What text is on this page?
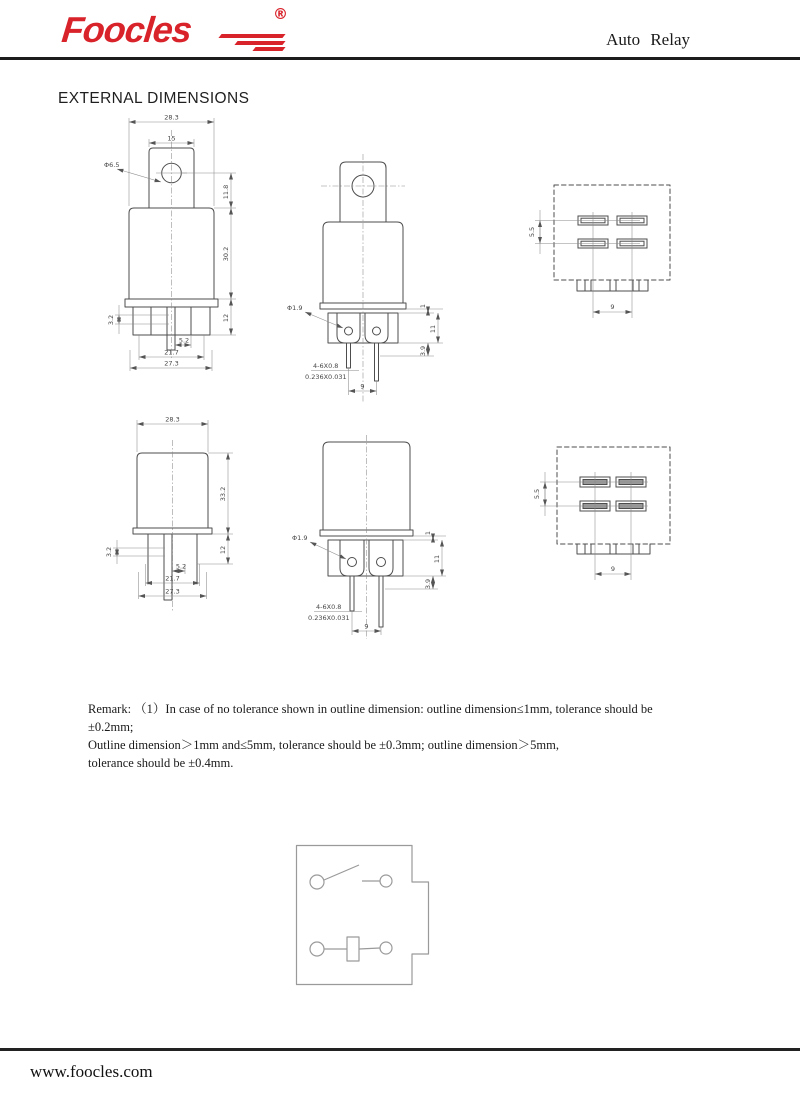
Foocles	®
Auto Relay
EXTERNAL DIMENSIONS
28.3
15
Φ6.5
11.8
30.2
12
3.2
5.2
21.7
27.3
Φ1.9
4-6X0.8
0.236X0.031
9
1
11
3.9
5.5
9
28.3
33.2
12
3.2
5.2
21.7
27.3
Φ1.9
4-6X0.8
0.236X0.031
9
1
11
3.9
5.5
9
Remark: （1）In case of no tolerance shown in outline dimension: outline dimension≤1mm, tolerance should be ±0.2mm;
Outline dimension＞1mm and≤5mm, tolerance should be ±0.3mm; outline dimension＞5mm,
tolerance should be ±0.4mm.
www.foocles.com
